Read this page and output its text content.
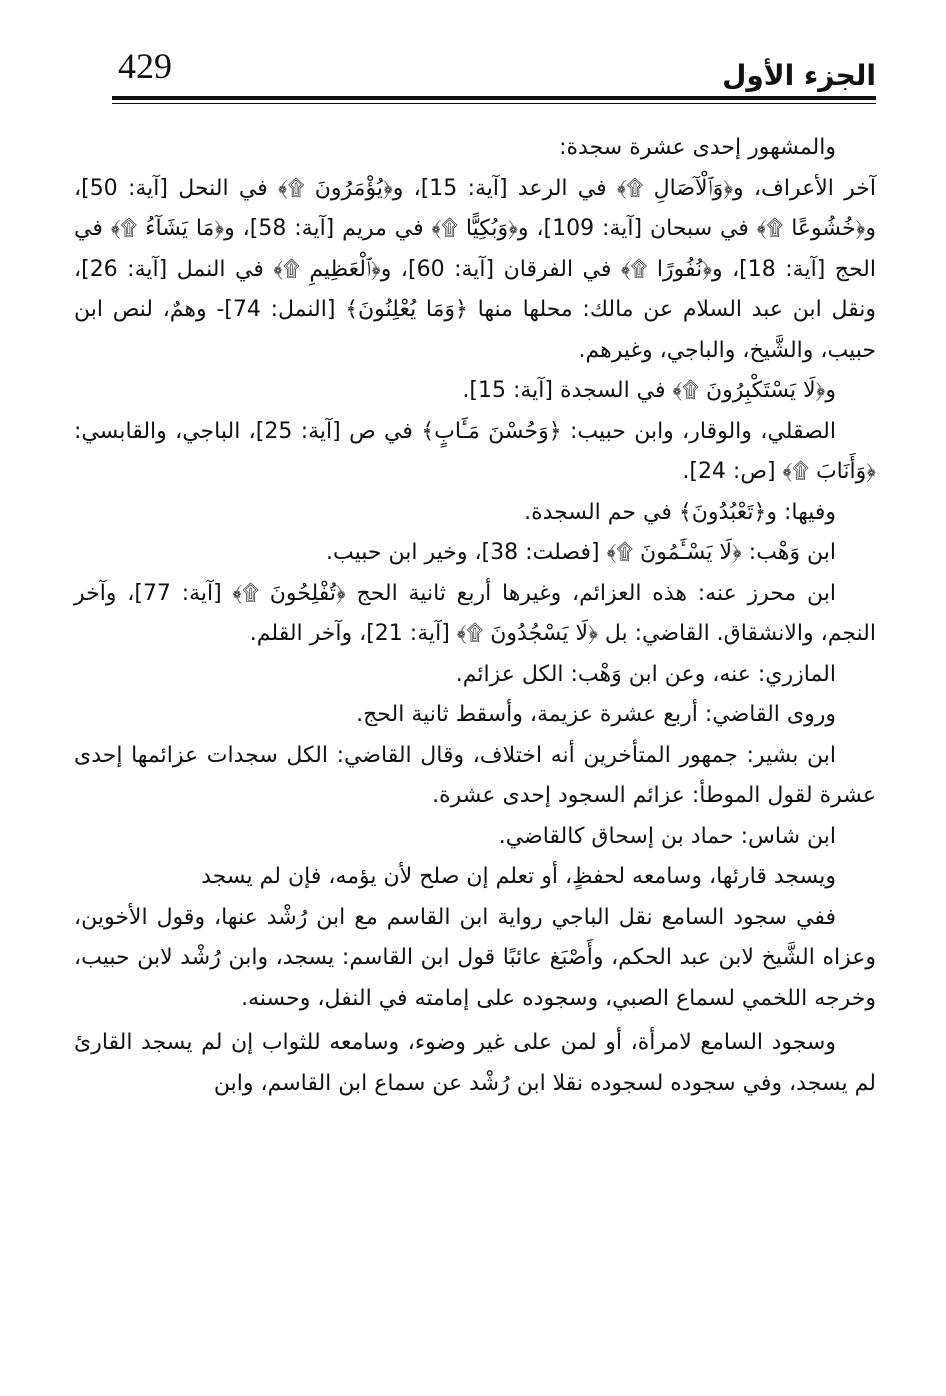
429	الجزء الأول

والمشهور إحدى عشرة سجدة:

آخر الأعراف، و﴿وَٱلْآصَالِ ۩﴾ في الرعد [آية: 15]، و﴿يُؤْمَرُونَ ۩﴾ في النحل [آية: 50]، و﴿خُشُوعًا ۩﴾ في سبحان [آية: 109]، و﴿وَبُكِيًّا ۩﴾ في مريم [آية: 58]، و﴿مَا يَشَآءُ ۩﴾ في الحج [آية: 18]، و﴿نُفُورًا ۩﴾ في الفرقان [آية: 60]، و﴿ٱلْعَظِيمِ ۩﴾ في النمل [آية: 26]، ونقل ابن عبد السلام عن مالك: محلها منها ﴿وَمَا يُعْلِنُونَ﴾ [النمل: 74]- وهمٌ، لنص ابن حبيب، والشَّيخ، والباجي، وغيرهم.

و﴿لَا يَسْتَكْبِرُونَ ۩﴾ في السجدة [آية: 15].

الصقلي، والوقار، وابن حبيب: ﴿وَحُسْنَ مَـَٔابٍ﴾ في ص [آية: 25]، الباجي، والقابسي: ﴿وَأَنَابَ ۩﴾ [ص: 24].

وفيها: و﴿تَعْبُدُونَ﴾ في حم السجدة.

ابن وَهْب: ﴿لَا يَسْـَٔمُونَ ۩﴾ [فصلت: 38]، وخير ابن حبيب.

ابن محرز عنه: هذه العزائم، وغيرها أربع ثانية الحج ﴿تُفْلِحُونَ ۩﴾ [آية: 77]، وآخر النجم، والانشقاق. القاضي: بل ﴿لَا يَسْجُدُونَ ۩﴾ [آية: 21]، وآخر القلم.

المازري: عنه، وعن ابن وَهْب: الكل عزائم.

وروى القاضي: أربع عشرة عزيمة، وأسقط ثانية الحج.

ابن بشير: جمهور المتأخرين أنه اختلاف، وقال القاضي: الكل سجدات عزائمها إحدى عشرة لقول الموطأ: عزائم السجود إحدى عشرة.

ابن شاس: حماد بن إسحاق كالقاضي.

ويسجد قارئها، وسامعه لحفظٍ، أو تعلم إن صلح لأن يؤمه، فإن لم يسجد

ففي سجود السامع نقل الباجي رواية ابن القاسم مع ابن رُشْد عنها، وقول الأخوين، وعزاه الشَّيخ لابن عبد الحكم، وأَصْبَغ عائبًا قول ابن القاسم: يسجد، وابن رُشْد لابن حبيب، وخرجه اللخمي لسماع الصبي، وسجوده على إمامته في النفل، وحسنه.

وسجود السامع لامرأة، أو لمن على غير وضوء، وسامعه للثواب إن لم يسجد القارئ لم يسجد، وفي سجوده لسجوده نقلا ابن رُشْد عن سماع ابن القاسم، وابن
